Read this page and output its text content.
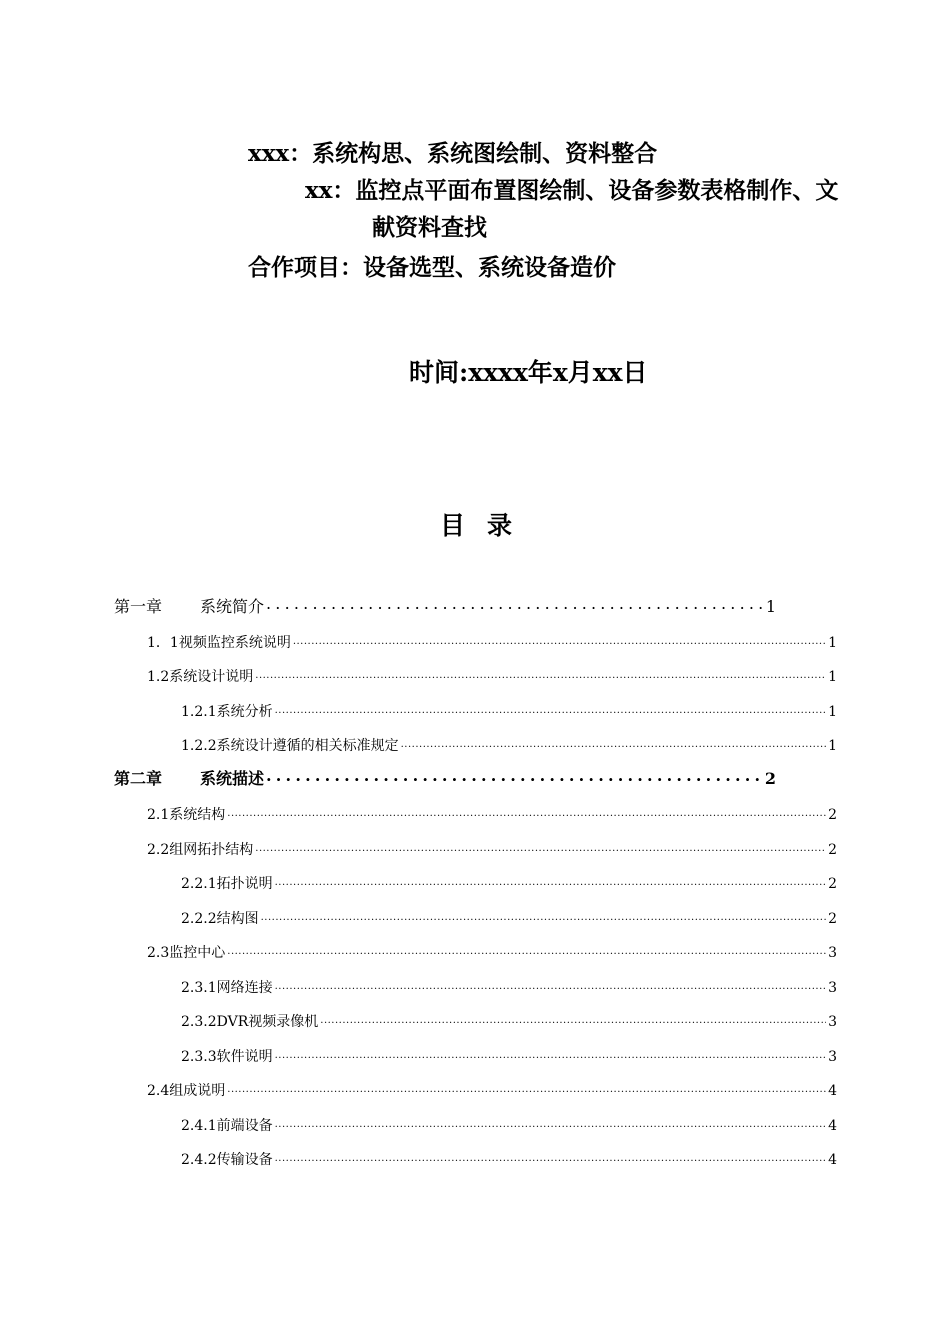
xxx：系统构思、系统图绘制、资料整合
xx：监控点平面布置图绘制、设备参数表格制作、文
献资料查找
合作项目：设备选型、系统设备造价
时间:xxxx年x月xx日
目录
第一章	系统简介 .....	1
1．1视频监控系统说明 .....	1
1.2系统设计说明 .....	1
1.2.1系统分析 .....	1
1.2.2系统设计遵循的相关标准规定 .....	1
第二章	系统描述 .....	2
2.1系统结构 .....	2
2.2组网拓扑结构 .....	2
2.2.1拓扑说明 .....	2
2.2.2结构图 .....	2
2.3监控中心 .....	3
2.3.1网络连接 .....	3
2.3.2DVR视频录像机 .....	3
2.3.3软件说明 .....	3
2.4组成说明 .....	4
2.4.1前端设备 .....	4
2.4.2传输设备 .....	4
